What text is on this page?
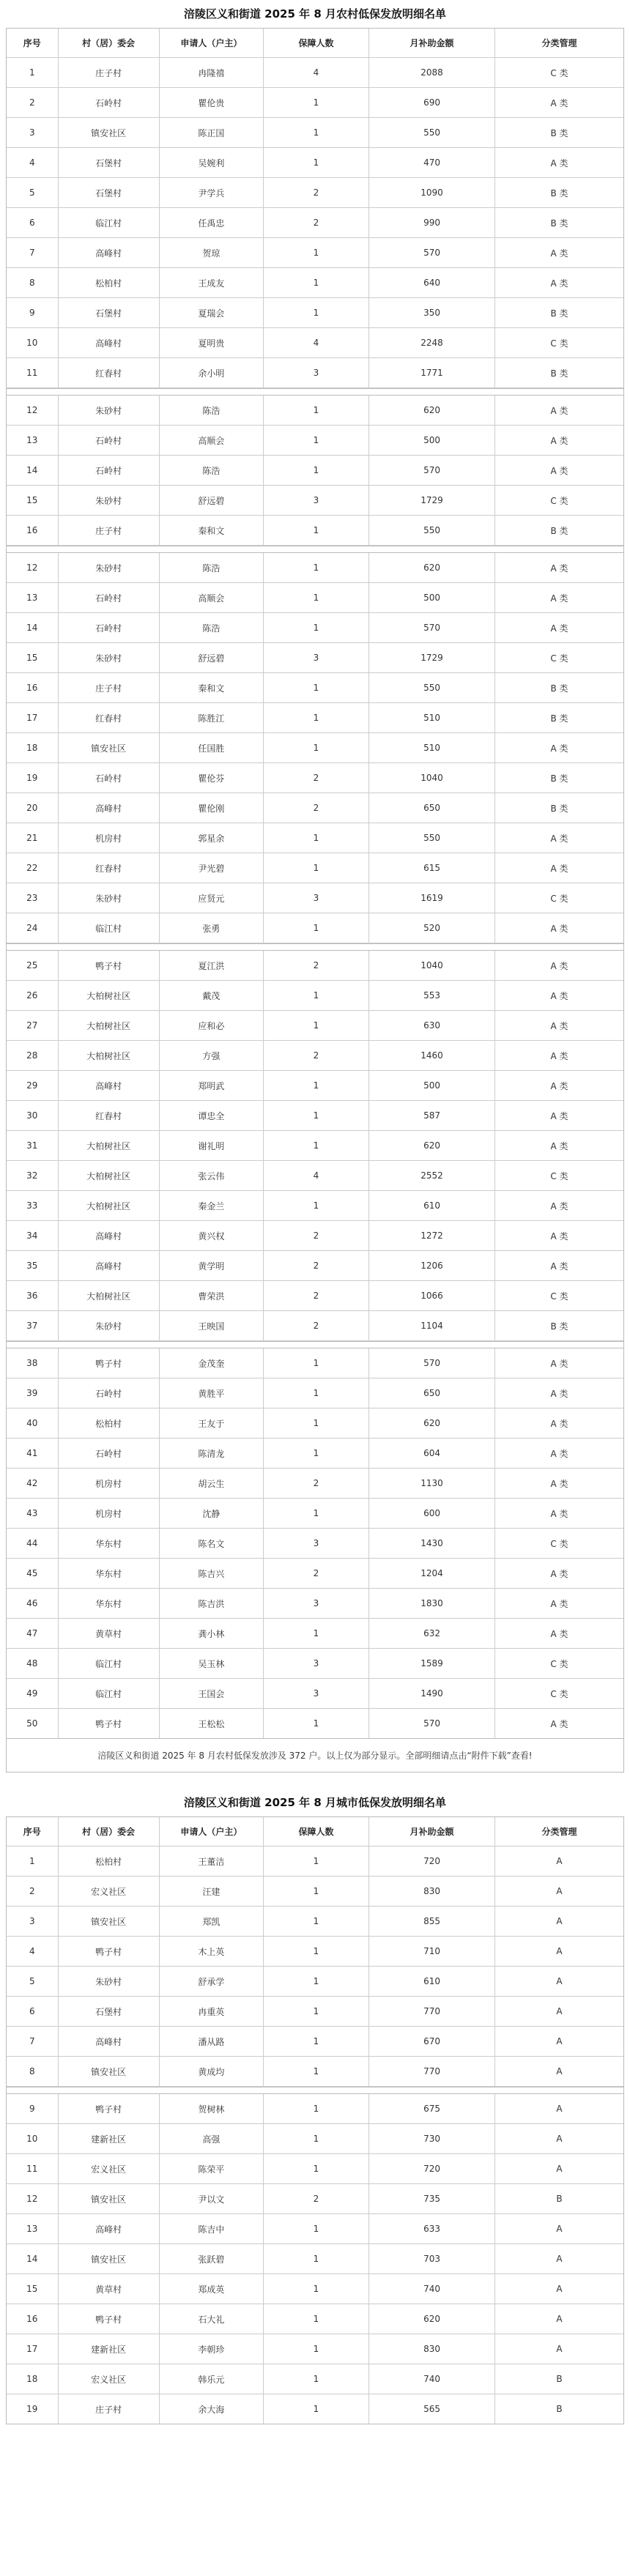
涪陵区义和街道 2025 年 8 月农村低保发放明细名单
序号	村（居）委会	申请人（户主）	保障人数	月补助金额	分类管理
1	庄子村	冉隆禧	4	2088	C 类
2	石岭村	瞿伦贵	1	690	A 类
3	镇安社区	陈正国	1	550	B 类
4	石堡村	吴婉利	1	470	A 类
5	石堡村	尹学兵	2	1090	B 类
6	临江村	任禹忠	2	990	B 类
7	高峰村	贺琼	1	570	A 类
8	松柏村	王成友	1	640	A 类
9	石堡村	夏瑞会	1	350	B 类
10	高峰村	夏明贵	4	2248	C 类
11	红春村	余小明	3	1771	B 类
12	朱砂村	陈浩	1	620	A 类
13	石岭村	高顺会	1	500	A 类
14	石岭村	陈浩	1	570	A 类
15	朱砂村	舒远碧	3	1729	C 类
16	庄子村	秦和文	1	550	B 类
12	朱砂村	陈浩	1	620	A 类
13	石岭村	高顺会	1	500	A 类
14	石岭村	陈浩	1	570	A 类
15	朱砂村	舒远碧	3	1729	C 类
16	庄子村	秦和文	1	550	B 类
17	红春村	陈胜江	1	510	B 类
18	镇安社区	任国胜	1	510	A 类
19	石岭村	瞿伦芬	2	1040	B 类
20	高峰村	瞿伦刚	2	650	B 类
21	机房村	郭星余	1	550	A 类
22	红春村	尹光碧	1	615	A 类
23	朱砂村	应贤元	3	1619	C 类
24	临江村	张勇	1	520	A 类
25	鸭子村	夏江洪	2	1040	A 类
26	大柏树社区	戴茂	1	553	A 类
27	大柏树社区	应和必	1	630	A 类
28	大柏树社区	方强	2	1460	A 类
29	高峰村	郑明武	1	500	A 类
30	红春村	谭忠全	1	587	A 类
31	大柏树社区	谢礼明	1	620	A 类
32	大柏树社区	张云伟	4	2552	C 类
33	大柏树社区	秦金兰	1	610	A 类
34	高峰村	黄兴权	2	1272	A 类
35	高峰村	黄学明	2	1206	A 类
36	大柏树社区	曹荣洪	2	1066	C 类
37	朱砂村	王映国	2	1104	B 类
38	鸭子村	金茂奎	1	570	A 类
39	石岭村	黄胜平	1	650	A 类
40	松柏村	王友于	1	620	A 类
41	石岭村	陈清龙	1	604	A 类
42	机房村	胡云生	2	1130	A 类
43	机房村	沈静	1	600	A 类
44	华东村	陈名文	3	1430	C 类
45	华东村	陈吉兴	2	1204	A 类
46	华东村	陈吉洪	3	1830	A 类
47	黄草村	龚小林	1	632	A 类
48	临江村	吴玉林	3	1589	C 类
49	临江村	王国会	3	1490	C 类
50	鸭子村	王松松	1	570	A 类
涪陵区义和街道 2025 年 8 月农村低保发放涉及 372 户。以上仅为部分显示。全部明细请点击“附件下载”查看!
涪陵区义和街道 2025 年 8 月城市低保发放明细名单
序号	村（居）委会	申请人（户主）	保障人数	月补助金额	分类管理
1	松柏村	王董洁	1	720	A
2	宏义社区	汪建	1	830	A
3	镇安社区	郑凯	1	855	A
4	鸭子村	木上英	1	710	A
5	朱砂村	舒承学	1	610	A
6	石堡村	冉重英	1	770	A
7	高峰村	潘从路	1	670	A
8	镇安社区	黄成均	1	770	A
9	鸭子村	贺树林	1	675	A
10	建新社区	高强	1	730	A
11	宏义社区	陈荣平	1	720	A
12	镇安社区	尹以文	2	735	B
13	高峰村	陈吉中	1	633	A
14	镇安社区	张跃碧	1	703	A
15	黄草村	郑成英	1	740	A
16	鸭子村	石大礼	1	620	A
17	建新社区	李朝珍	1	830	A
18	宏义社区	韩乐元	1	740	B
19	庄子村	余大海	1	565	B
